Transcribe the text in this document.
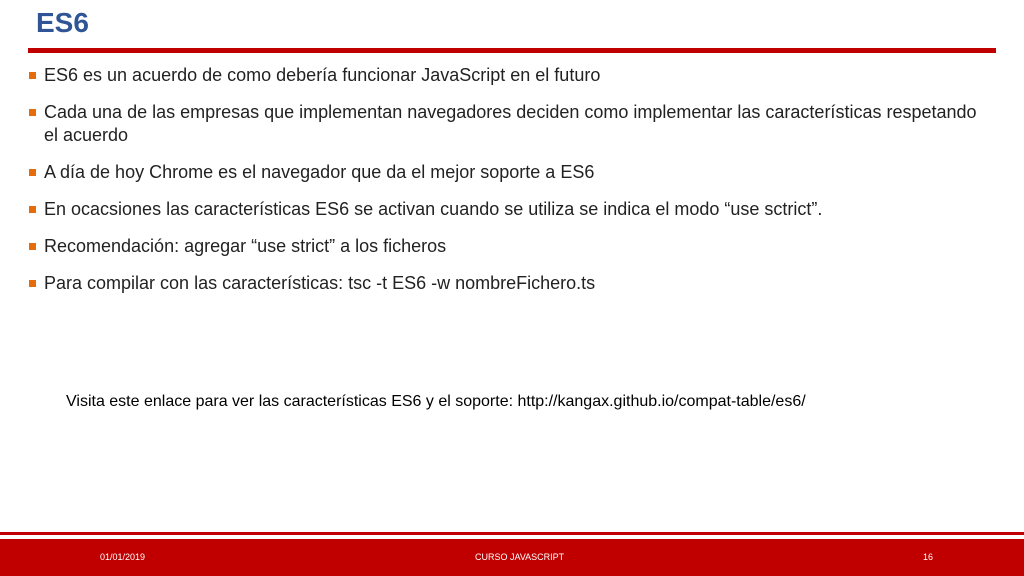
ES6
ES6 es un acuerdo de como debería funcionar JavaScript en el futuro
Cada una de las empresas que implementan navegadores deciden como implementar las características respetando el acuerdo
A día de hoy Chrome es el navegador que da el mejor soporte a ES6
En ocacsiones las características ES6 se activan cuando se utiliza se indica el modo “use sctrict”.
Recomendación: agregar “use strict” a los ficheros
Para compilar con las características: tsc -t ES6 -w nombreFichero.ts

Visita este enlace para ver las características ES6 y el soporte: http://kangax.github.io/compat-table/es6/

01/01/2019	CURSO JAVASCRIPT	16
